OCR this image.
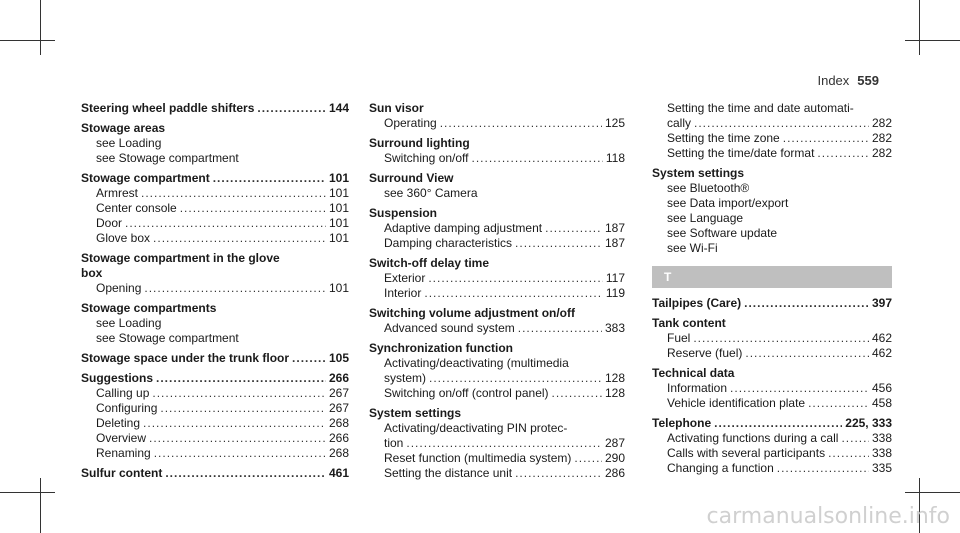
Index 559
Steering wheel paddle shifters .....	144
Stowage areas
see Loading
see Stowage compartment
Stowage compartment .....	101
Armrest .....	101
Center console .....	101
Door .....	101
Glove box .....	101
Stowage compartment in the glove
box
Opening .....	101
Stowage compartments
see Loading
see Stowage compartment
Stowage space under the trunk floor .....	105
Suggestions .....	266
Calling up .....	267
Configuring .....	267
Deleting .....	268
Overview .....	266
Renaming .....	268
Sulfur content .....	461
Sun visor
Operating .....	125
Surround lighting
Switching on/off .....	118
Surround View
see 360° Camera
Suspension
Adaptive damping adjustment .....	187
Damping characteristics .....	187
Switch-off delay time
Exterior .....	117
Interior .....	119
Switching volume adjustment on/off
Advanced sound system .....	383
Synchronization function
Activating/deactivating (multimedia
system) .....	128
Switching on/off (control panel) .....	128
System settings
Activating/deactivating PIN protec-
tion .....	287
Reset function (multimedia system) .....	290
Setting the distance unit .....	286
Setting the time and date automati-
cally .....	282
Setting the time zone .....	282
Setting the time/date format .....	282
System settings
see Bluetooth®
see Data import/export
see Language
see Software update
see Wi-Fi
T
Tailpipes (Care) .....	397
Tank content
Fuel .....	462
Reserve (fuel) .....	462
Technical data
Information .....	456
Vehicle identification plate .....	458
Telephone .....	225, 333
Activating functions during a call .....	338
Calls with several participants .....	338
Changing a function .....	335
carmanualsonline.info
